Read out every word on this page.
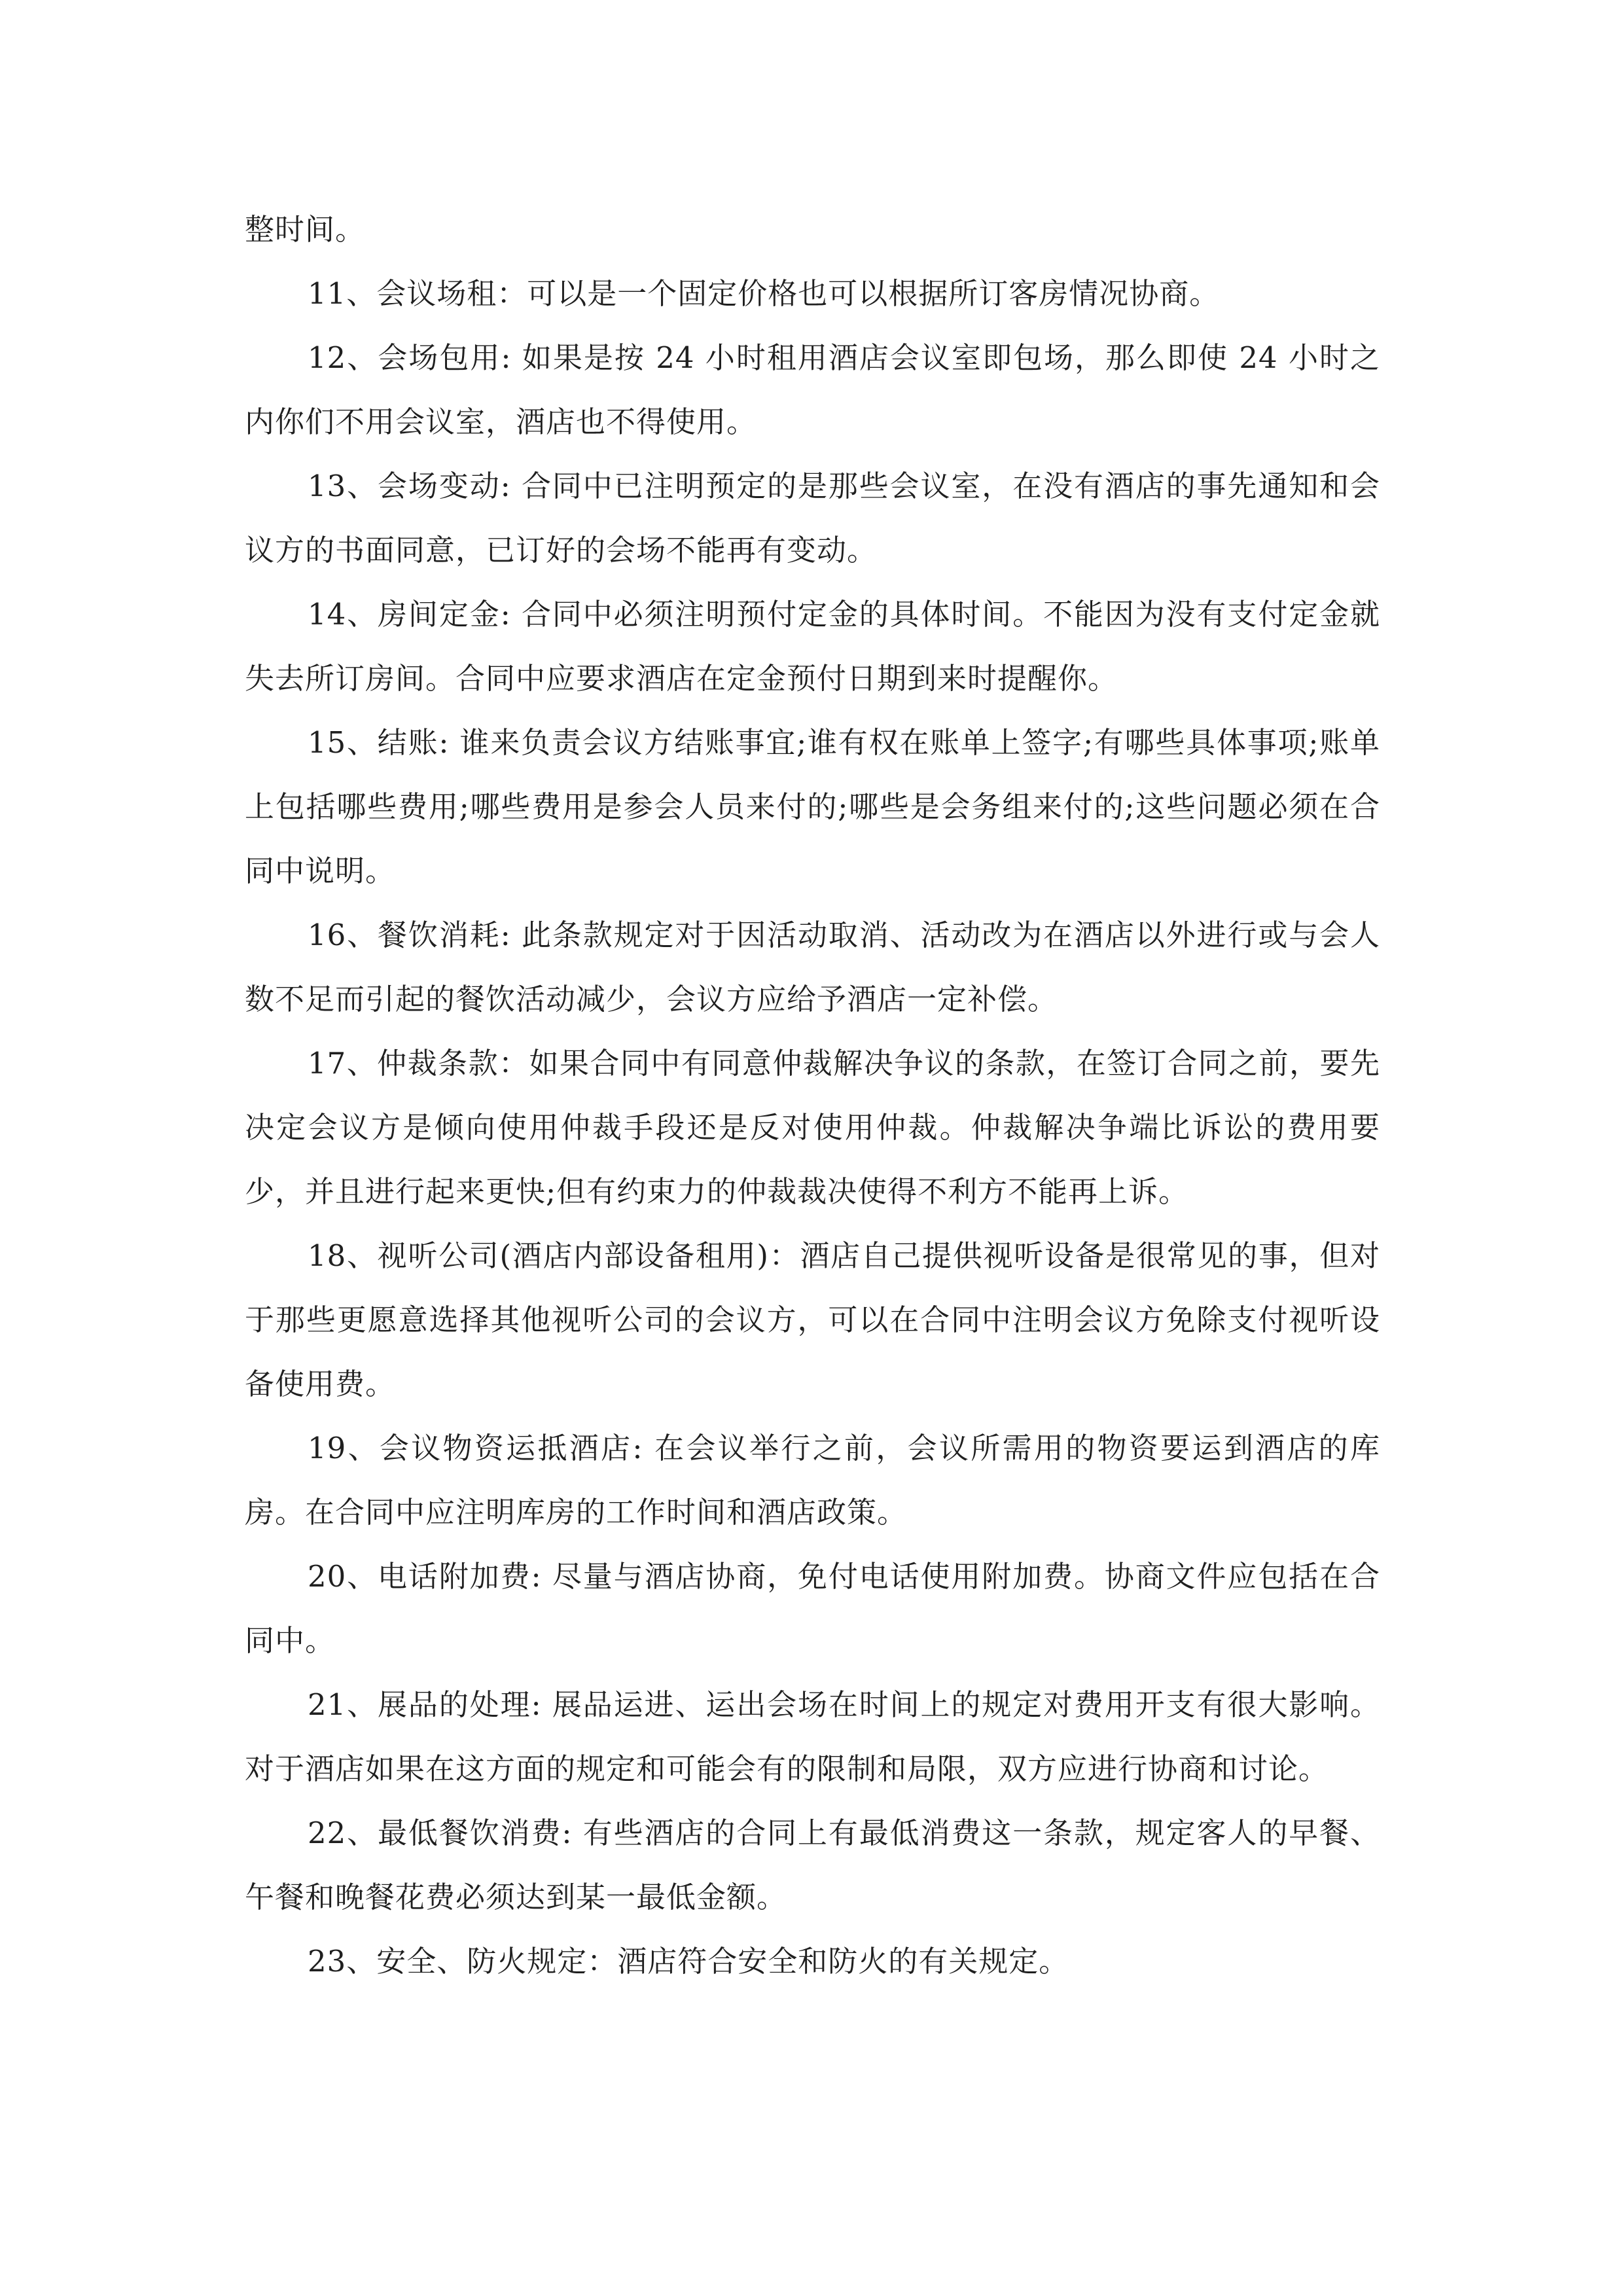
整时间。

11、会议场租：可以是一个固定价格也可以根据所订客房情况协商。

12、会场包用: 如果是按 24 小时租用酒店会议室即包场，那么即使 24 小时之内你们不用会议室，酒店也不得使用。

13、会场变动: 合同中已注明预定的是那些会议室，在没有酒店的事先通知和会议方的书面同意，已订好的会场不能再有变动。

14、房间定金: 合同中必须注明预付定金的具体时间。不能因为没有支付定金就失去所订房间。合同中应要求酒店在定金预付日期到来时提醒你。

15、结账: 谁来负责会议方结账事宜;谁有权在账单上签字;有哪些具体事项;账单上包括哪些费用;哪些费用是参会人员来付的;哪些是会务组来付的;这些问题必须在合同中说明。

16、餐饮消耗: 此条款规定对于因活动取消、活动改为在酒店以外进行或与会人数不足而引起的餐饮活动减少，会议方应给予酒店一定补偿。

17、仲裁条款：如果合同中有同意仲裁解决争议的条款，在签订合同之前，要先决定会议方是倾向使用仲裁手段还是反对使用仲裁。仲裁解决争端比诉讼的费用要少，并且进行起来更快;但有约束力的仲裁裁决使得不利方不能再上诉。

18、视听公司(酒店内部设备租用)：酒店自己提供视听设备是很常见的事，但对于那些更愿意选择其他视听公司的会议方，可以在合同中注明会议方免除支付视听设备使用费。

19、会议物资运抵酒店: 在会议举行之前，会议所需用的物资要运到酒店的库房。在合同中应注明库房的工作时间和酒店政策。

20、电话附加费: 尽量与酒店协商，免付电话使用附加费。协商文件应包括在合同中。

21、展品的处理: 展品运进、运出会场在时间上的规定对费用开支有很大影响。对于酒店如果在这方面的规定和可能会有的限制和局限，双方应进行协商和讨论。

22、最低餐饮消费: 有些酒店的合同上有最低消费这一条款，规定客人的早餐、午餐和晚餐花费必须达到某一最低金额。

23、安全、防火规定：酒店符合安全和防火的有关规定。
